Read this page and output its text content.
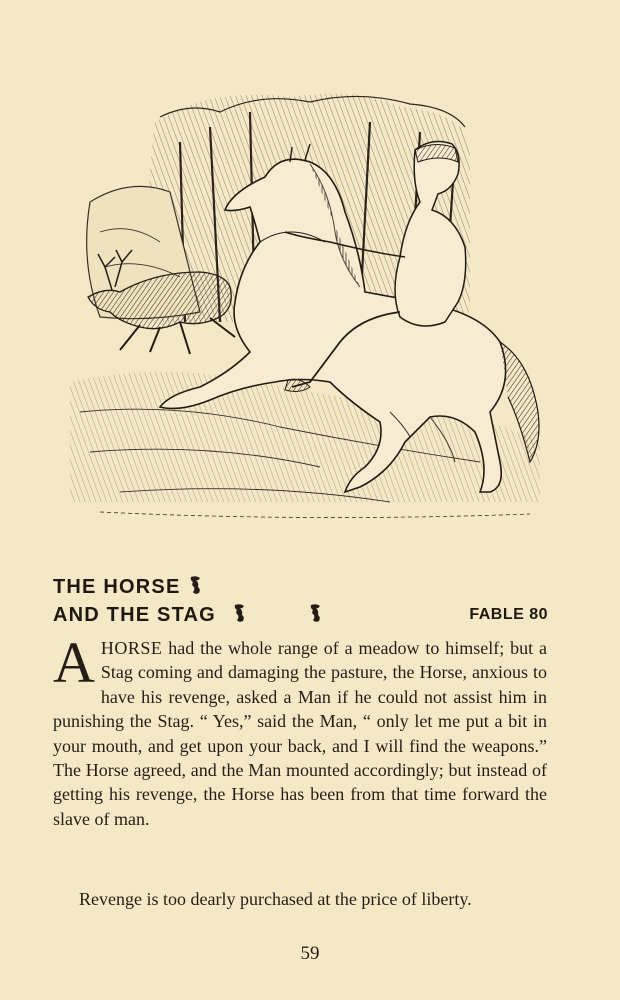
THE HORSE
AND THE STAG	FABLE 80
AHORSE had the whole range of a meadow to himself; but a Stag coming and damaging the pasture, the Horse, anxious to have his revenge, asked a Man if he could not assist him in punishing the Stag. “ Yes,” said the Man, “ only let me put a bit in your mouth, and get upon your back, and I will find the weapons.” The Horse agreed, and the Man mounted accordingly; but instead of getting his revenge, the Horse has been from that time forward the slave of man.
Revenge is too dearly purchased at the price of liberty.
59
